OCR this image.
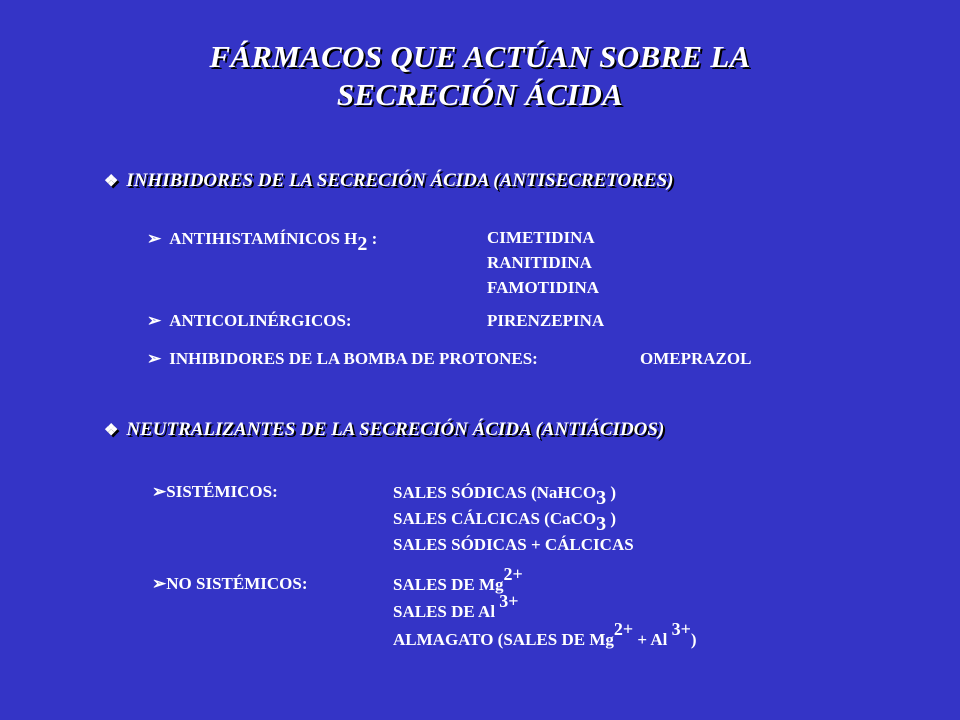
FÁRMACOS QUE ACTÚAN SOBRE LA
SECRECIÓN ÁCIDA
❖ INHIBIDORES DE LA SECRECIÓN ÁCIDA (ANTISECRETORES)
➢ ANTIHISTAMÍNICOS H2 :	CIMETIDINA
RANITIDINA
FAMOTIDINA
➢ ANTICOLINÉRGICOS:	PIRENZEPINA
➢ INHIBIDORES DE LA BOMBA DE PROTONES:	OMEPRAZOL
❖ NEUTRALIZANTES DE LA SECRECIÓN ÁCIDA (ANTIÁCIDOS)
➢SISTÉMICOS:	SALES SÓDICAS (NaHCO3 )
SALES CÁLCICAS (CaCO3 )
SALES SÓDICAS + CÁLCICAS
➢NO SISTÉMICOS:	SALES DE Mg2+
SALES DE Al 3+
ALMAGATO (SALES DE Mg2+ + Al 3+)
